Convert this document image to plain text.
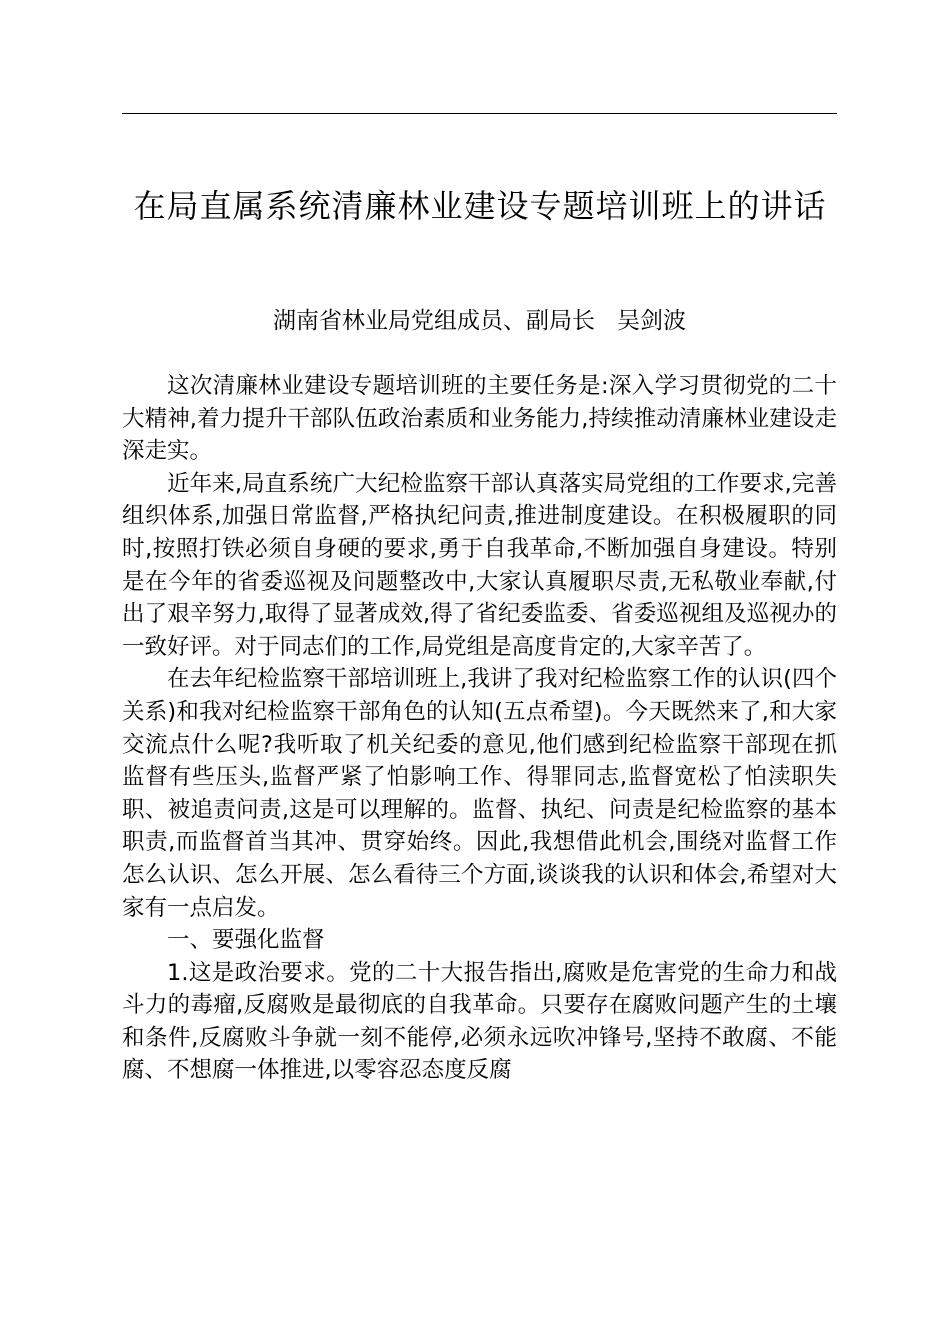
在局直属系统清廉林业建设专题培训班上的讲话
湖南省林业局党组成员、副局长   吴剑波

这次清廉林业建设专题培训班的主要任务是:深入学习贯彻党的二十大精神,着力提升干部队伍政治素质和业务能力,持续推动清廉林业建设走深走实。

近年来,局直系统广大纪检监察干部认真落实局党组的工作要求,完善组织体系,加强日常监督,严格执纪问责,推进制度建设。在积极履职的同时,按照打铁必须自身硬的要求,勇于自我革命,不断加强自身建设。特别是在今年的省委巡视及问题整改中,大家认真履职尽责,无私敬业奉献,付出了艰辛努力,取得了显著成效,得了省纪委监委、省委巡视组及巡视办的一致好评。对于同志们的工作,局党组是高度肯定的,大家辛苦了。

在去年纪检监察干部培训班上,我讲了我对纪检监察工作的认识(四个关系)和我对纪检监察干部角色的认知(五点希望)。今天既然来了,和大家交流点什么呢?我听取了机关纪委的意见,他们感到纪检监察干部现在抓监督有些压头,监督严紧了怕影响工作、得罪同志,监督宽松了怕渎职失职、被追责问责,这是可以理解的。监督、执纪、问责是纪检监察的基本职责,而监督首当其冲、贯穿始终。因此,我想借此机会,围绕对监督工作怎么认识、怎么开展、怎么看待三个方面,谈谈我的认识和体会,希望对大家有一点启发。

一、要强化监督

1.这是政治要求。党的二十大报告指出,腐败是危害党的生命力和战斗力的毒瘤,反腐败是最彻底的自我革命。只要存在腐败问题产生的土壤和条件,反腐败斗争就一刻不能停,必须永远吹冲锋号,坚持不敢腐、不能腐、不想腐一体推进,以零容忍态度反腐
